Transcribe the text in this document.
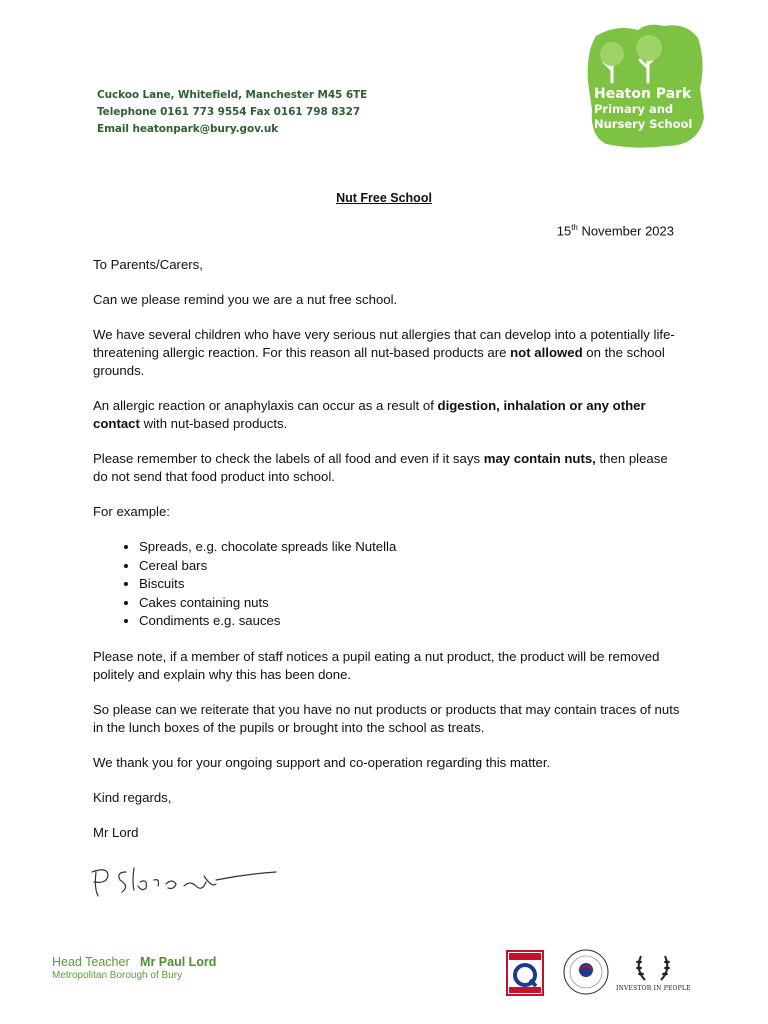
Cuckoo Lane, Whitefield, Manchester M45 6TE
Telephone 0161 773 9554 Fax 0161 798 8327
Email heatonpark@bury.gov.uk
Heaton Park
Primary and
Nursery School
Nut Free School
15th November 2023

To Parents/Carers,

Can we please remind you we are a nut free school.

We have several children who have very serious nut allergies that can develop into a potentially life-threatening allergic reaction. For this reason all nut-based products are not allowed on the school grounds.

An allergic reaction or anaphylaxis can occur as a result of digestion, inhalation or any other contact with nut-based products.

Please remember to check the labels of all food and even if it says may contain nuts, then please do not send that food product into school.

For example:

• Spreads, e.g. chocolate spreads like Nutella
• Cereal bars
• Biscuits
• Cakes containing nuts
• Condiments e.g. sauces

Please note, if a member of staff notices a pupil eating a nut product, the product will be removed politely and explain why this has been done.

So please can we reiterate that you have no nut products or products that may contain traces of nuts in the lunch boxes of the pupils or brought into the school as treats.

We thank you for your ongoing support and co-operation regarding this matter.

Kind regards,

Mr Lord

Head Teacher Mr Paul Lord
Metropolitan Borough of Bury
INVESTOR IN PEOPLE
